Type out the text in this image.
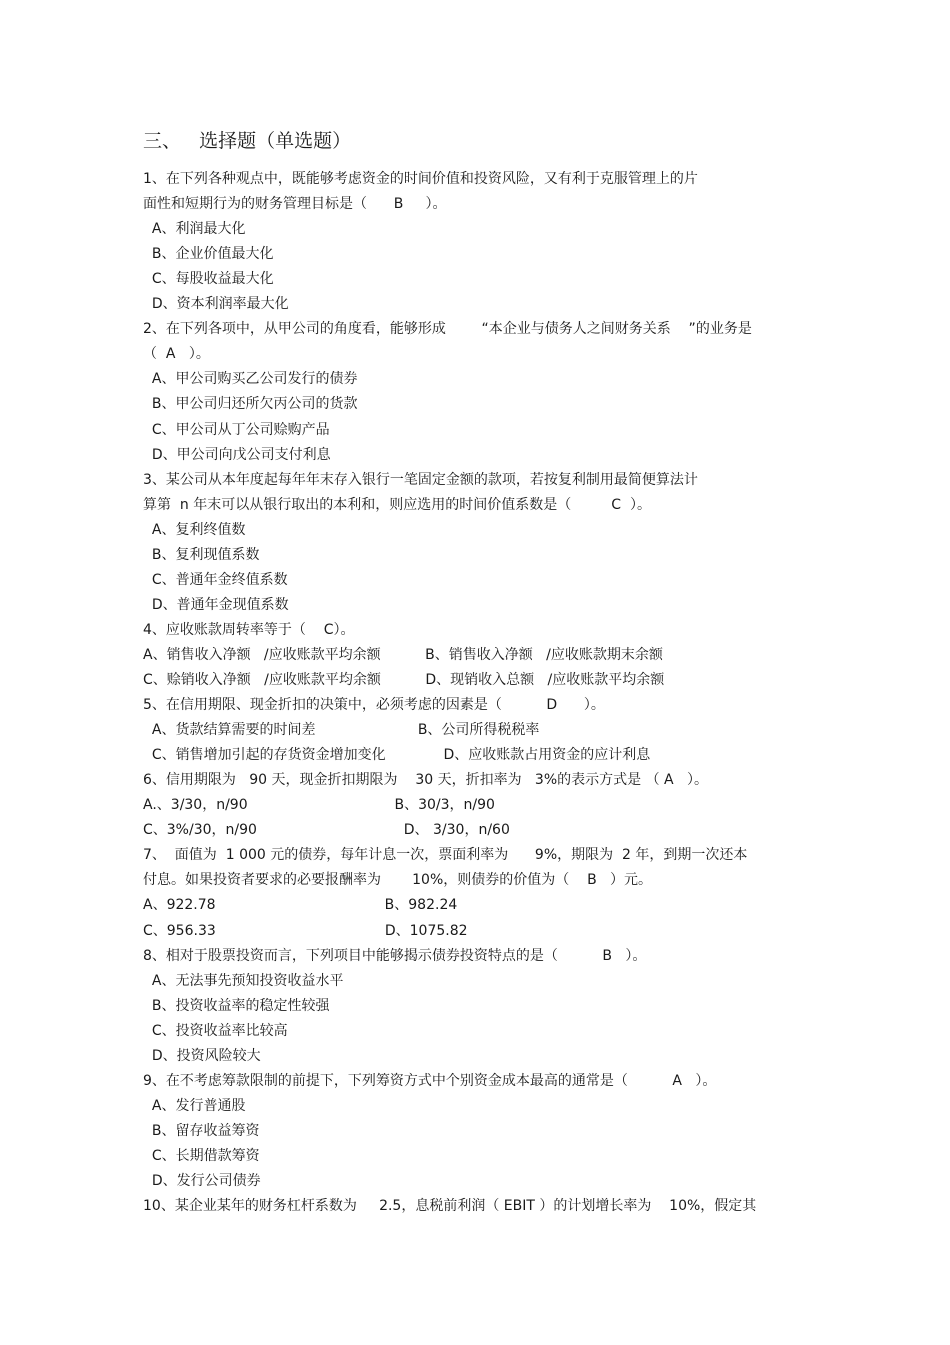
三、   选择题（单选题）
1、在下列各种观点中，既能够考虑资金的时间价值和投资风险，又有利于克服管理上的片
面性和短期行为的财务管理目标是（      B     ）。
A、利润最大化
B、企业价值最大化
C、每股收益最大化
D、资本利润率最大化
2、在下列各项中，从甲公司的角度看，能够形成        “本企业与债务人之间财务关系    ”的业务是
（  A   ）。
A、甲公司购买乙公司发行的债券
B、甲公司归还所欠丙公司的货款
C、甲公司从丁公司赊购产品
D、甲公司向戊公司支付利息
3、某公司从本年度起每年年末存入银行一笔固定金额的款项，若按复利制用最简便算法计
算第  n 年末可以从银行取出的本利和，则应选用的时间价值系数是（         C  ）。
A、复利终值数
B、复利现值系数
C、普通年金终值系数
D、普通年金现值系数
4、应收账款周转率等于（    C）。
A、销售收入净额   /应收账款平均余额          B、销售收入净额   /应收账款期末余额
C、赊销收入净额   /应收账款平均余额          D、现销收入总额   /应收账款平均余额
5、在信用期限、现金折扣的决策中，必须考虑的因素是（          D      ）。
A、货款结算需要的时间差                       B、公司所得税税率
C、销售增加引起的存货资金增加变化             D、应收账款占用资金的应计利息
6、信用期限为   90 天，现金折扣期限为    30 天，折扣率为   3%的表示方式是 （ A   ）。
A.、3/30，n/90                                 B、30/3，n/90
C、3%/30，n/90                                 D、 3/30，n/60
7、  面值为  1 000 元的债券，每年计息一次，票面利率为      9%，期限为  2 年，到期一次还本
付息。如果投资者要求的必要报酬率为       10%，则债券的价值为（    B   ）元。
A、922.78                                      B、982.24
C、956.33                                      D、1075.82
8、相对于股票投资而言，下列项目中能够揭示债券投资特点的是（          B   ）。
A、无法事先预知投资收益水平
B、投资收益率的稳定性较强
C、投资收益率比较高
D、投资风险较大
9、在不考虑筹款限制的前提下，下列筹资方式中个别资金成本最高的通常是（          A   ）。
A、发行普通股
B、留存收益筹资
C、长期借款筹资
D、发行公司债券
10、某企业某年的财务杠杆系数为     2.5，息税前利润（ EBIT ）的计划增长率为    10%，假定其
